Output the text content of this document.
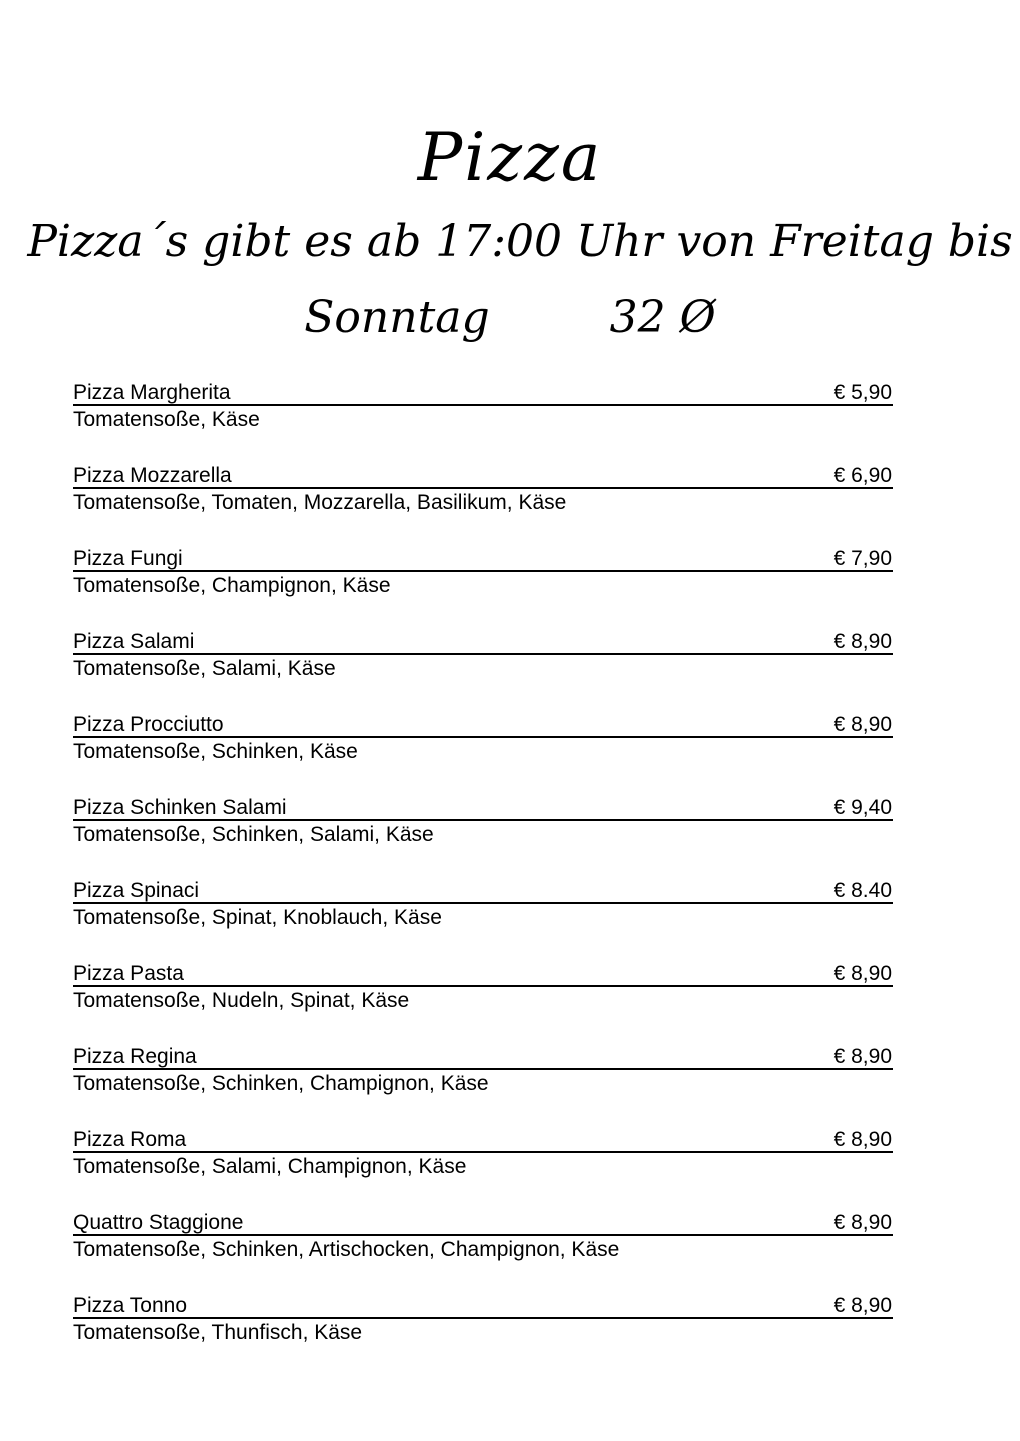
Pizza
Pizza´s gibt es ab 17:00 Uhr von Freitag bis
Sonntag	32 Ø
Pizza Margherita	€ 5,90
Tomatensoße, Käse
Pizza Mozzarella	€ 6,90
Tomatensoße, Tomaten, Mozzarella, Basilikum, Käse
Pizza Fungi	€ 7,90
Tomatensoße, Champignon, Käse
Pizza Salami	€ 8,90
Tomatensoße, Salami, Käse
Pizza Procciutto	€ 8,90
Tomatensoße, Schinken, Käse
Pizza Schinken Salami	€ 9,40
Tomatensoße, Schinken, Salami, Käse
Pizza Spinaci	€ 8.40
Tomatensoße, Spinat, Knoblauch, Käse
Pizza Pasta	€ 8,90
Tomatensoße, Nudeln, Spinat, Käse
Pizza Regina	€ 8,90
Tomatensoße, Schinken, Champignon, Käse
Pizza Roma	€ 8,90
Tomatensoße, Salami, Champignon, Käse
Quattro Staggione	€ 8,90
Tomatensoße, Schinken, Artischocken, Champignon, Käse
Pizza Tonno	€ 8,90
Tomatensoße, Thunfisch, Käse
